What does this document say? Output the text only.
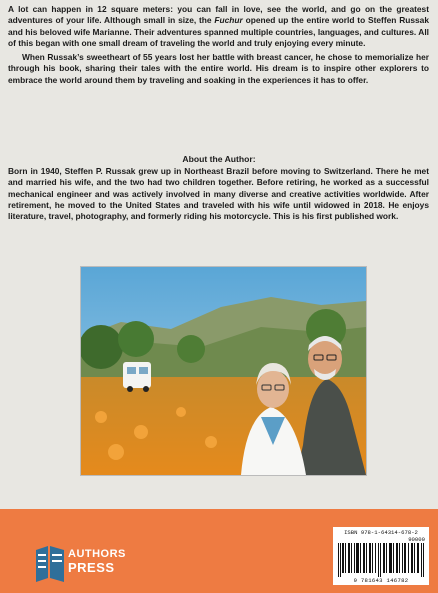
A lot can happen in 12 square meters: you can fall in love, see the world, and go on the greatest adventures of your life. Although small in size, the Fuchur opened up the entire world to Steffen Russak and his beloved wife Marianne. Their adventures spanned multiple countries, languages, and cultures. All of this began with one small dream of traveling the world and truly enjoying every minute.

When Russak’s sweetheart of 55 years lost her battle with breast cancer, he chose to memorialize her through his book, sharing their tales with the entire world. His dream is to inspire other explorers to embrace the world around them by traveling and soaking in the experiences it has to offer.

About the Author:
Born in 1940, Steffen P. Russak grew up in Northeast Brazil before moving to Switzerland. There he met and married his wife, and the two had two children together. Before retiring, he worked as a successful mechanical engineer and was actively involved in many diverse and creative activities worldwide. After retirement, he moved to the United States and traveled with his wife until widowed in 2018. He enjoys literature, travel, photography, and formerly riding his motorcycle. This is his first published work.
AUTHORS
PRESS
ISBN 978-1-64314-678-2
90000
9 781643 146782
